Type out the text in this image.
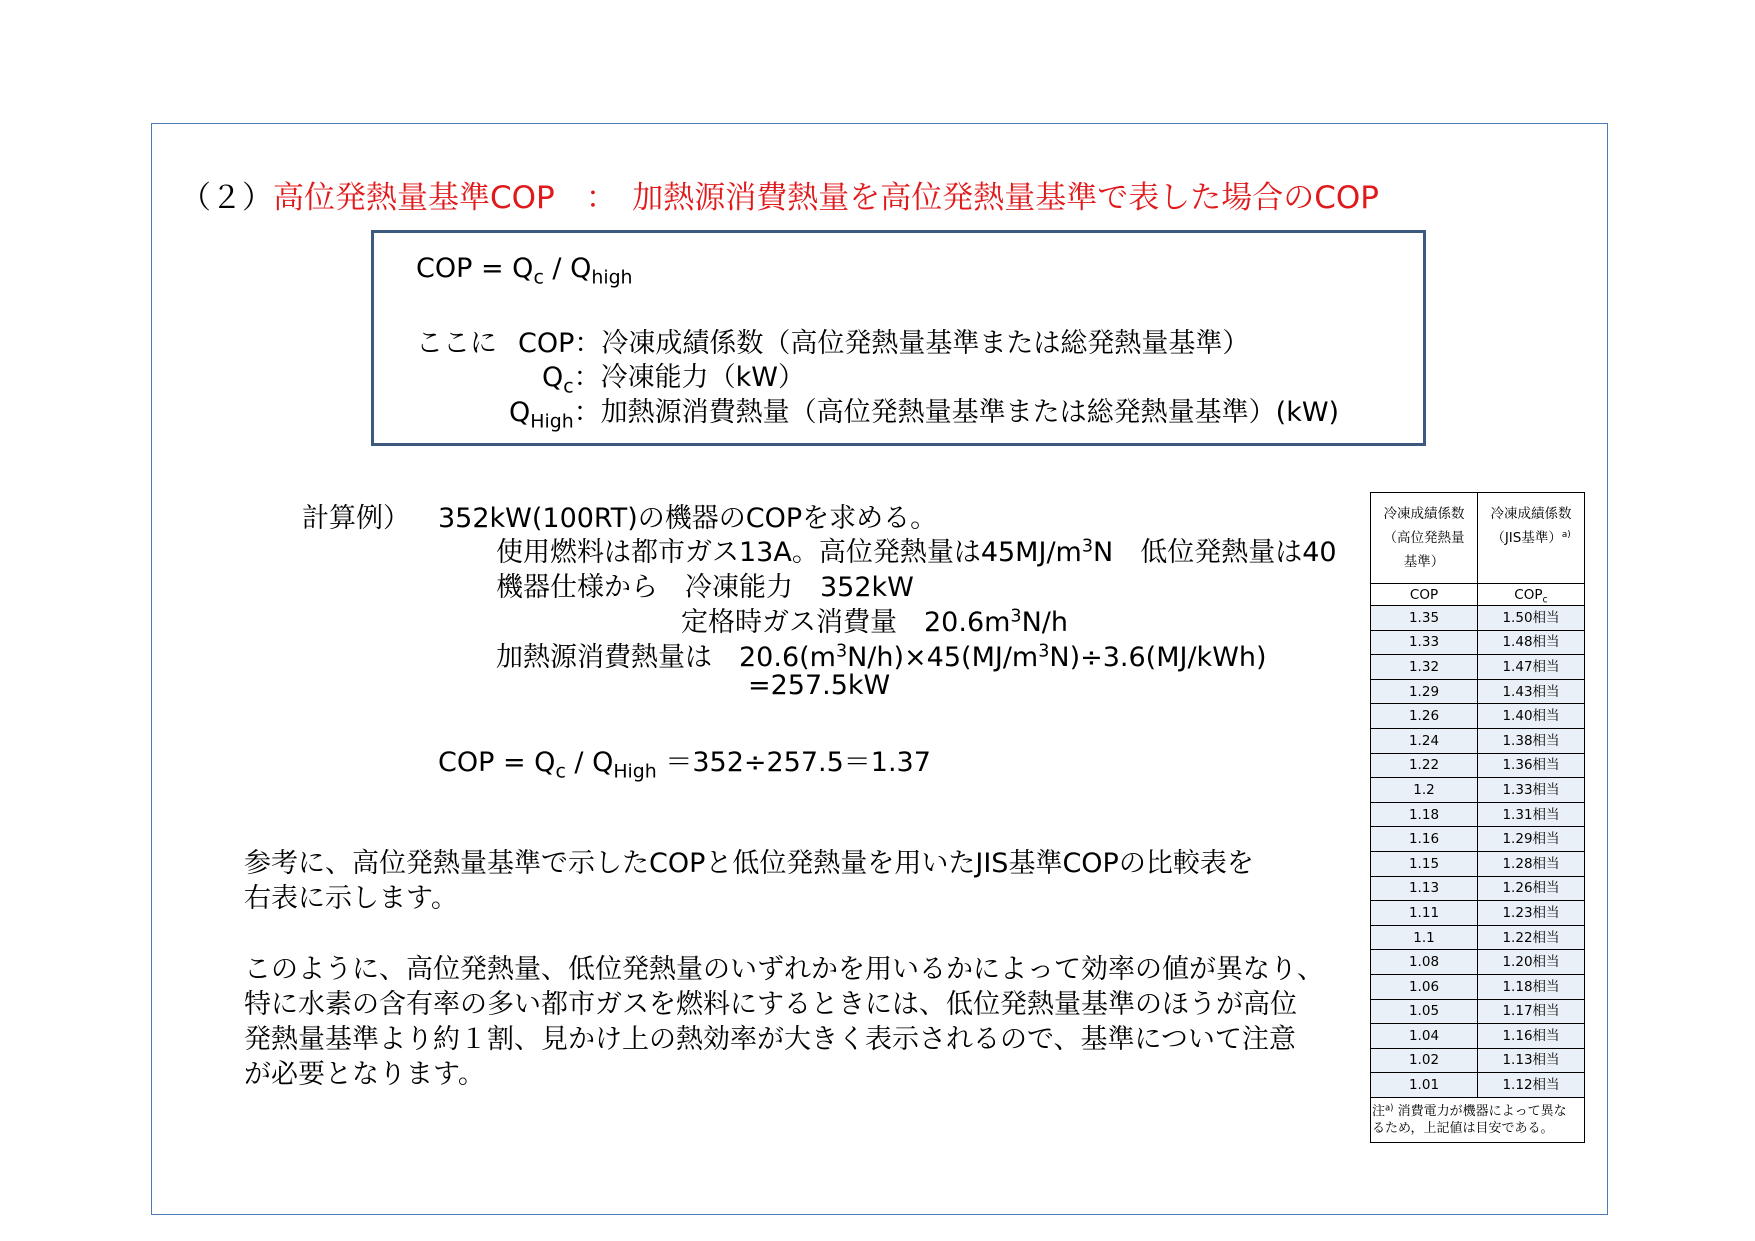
（２）高位発熱量基準COP　：　加熱源消費熱量を高位発熱量基準で表した場合のCOP
COP = $Q_c / Q_{high}$
ここに COP：冷凍成績係数（高位発熱量基準または総発熱量基準）
$Q_c$：冷凍能力（kW）
$Q_{High}$：加熱源消費熱量（高位発熱量基準または総発熱量基準）(kW)
計算例） 352kW(100RT)の機器のCOPを求める。
使用燃料は都市ガス13A。高位発熱量は$45MJ/m^3N$　低位発熱量は40
機器仕様から　冷凍能力　352kW
定格時ガス消費量　$20.6m^3N/h$
加熱源消費熱量は　$20.6(m^3N/h)\times 45(MJ/m^3N)\div 3.6(MJ/kWh)$
=257.5kW
COP = $Q_c / Q_{High} =352\div 257.5=1.37$
参考に、高位発熱量基準で示したCOPと低位発熱量を用いたJIS基準COPの比較表を
右表に示します。
このように、高位発熱量、低位発熱量のいずれかを用いるかによって効率の値が異なり、
特に水素の含有率の多い都市ガスを燃料にするときには、低位発熱量基準のほうが高位
発熱量基準より約１割、見かけ上の熱効率が大きく表示されるので、基準について注意
が必要となります。
冷凍成績係数
（高位発熱量
基準）	冷凍成績係数
（JIS基準）$^{a)}$

COP	$COP_c$
1.35	1.50相当
1.33	1.48相当
1.32	1.47相当
1.29	1.43相当
1.26	1.40相当
1.24	1.38相当
1.22	1.36相当
1.2	1.33相当
1.18	1.31相当
1.16	1.29相当
1.15	1.28相当
1.13	1.26相当
1.11	1.23相当
1.1	1.22相当
1.08	1.20相当
1.06	1.18相当
1.05	1.17相当
1.04	1.16相当
1.02	1.13相当
1.01	1.12相当
注$^{a)}$ 消費電力が機器によって異な
るため，上記値は目安である。	
